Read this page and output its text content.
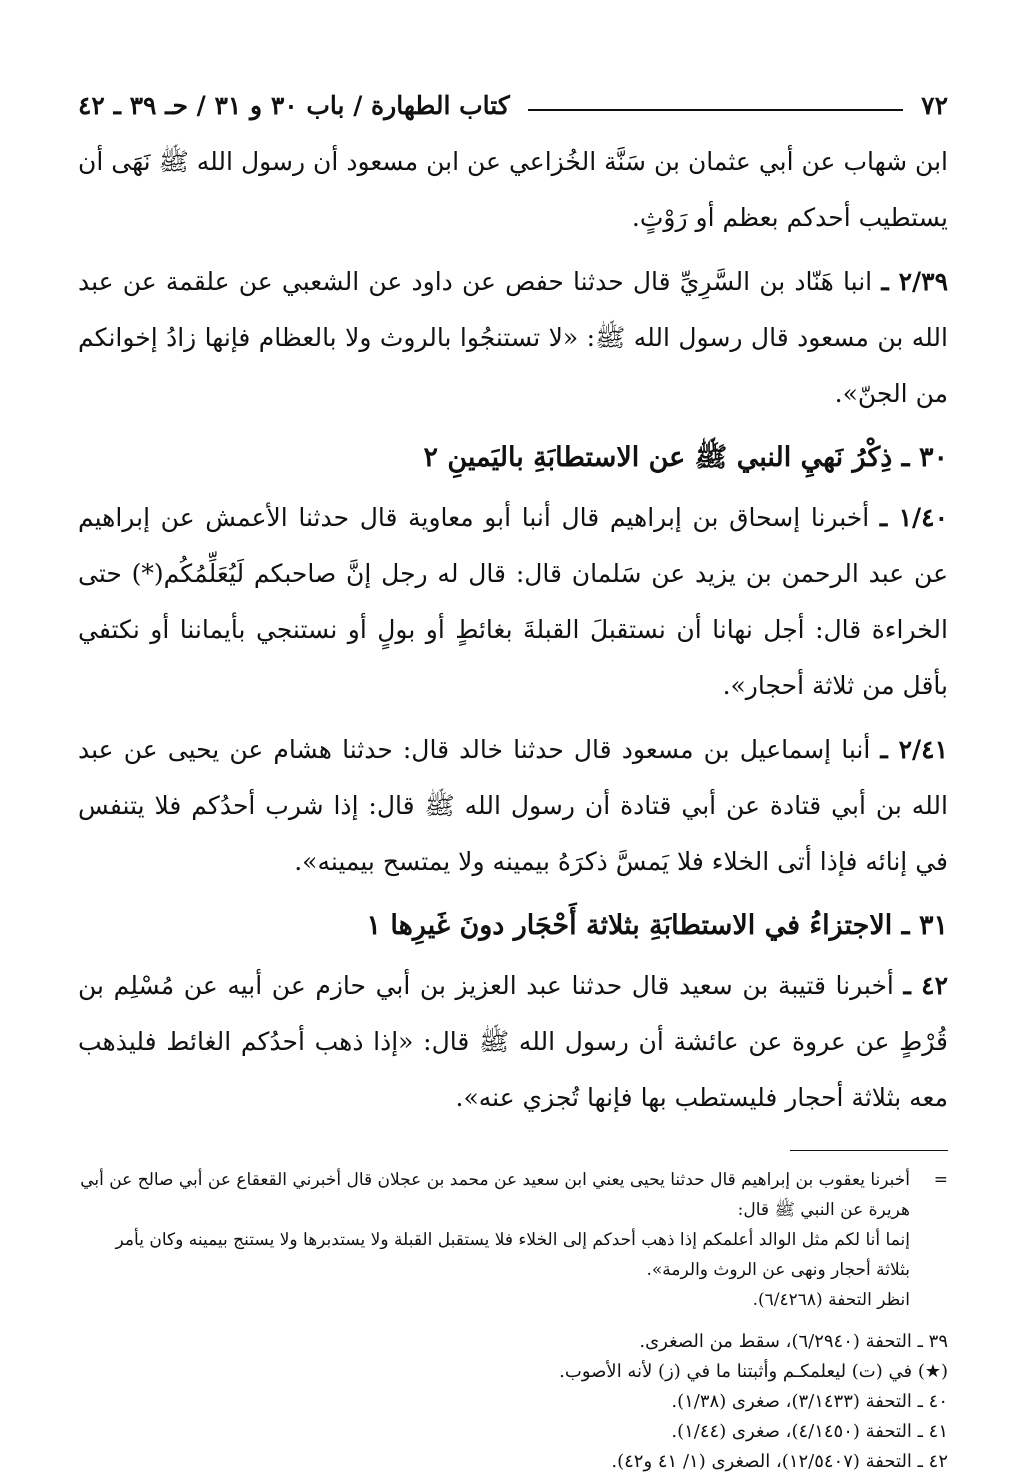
٧٢
كتاب الطهارة / باب ٣٠ و ٣١ / حـ ٣٩ ـ ٤٢

ابن شهاب عن أبي عثمان بن سَنَّة الخُزاعي عن ابن مسعود أن رسول الله ﷺ نَهَى أن يستطيب أحدكم بعظم أو رَوْثٍ.

٢/٣٩ ـ انبا هَنّاد بن السَّرِيِّ قال حدثنا حفص عن داود عن الشعبي عن علقمة عن عبد الله بن مسعود قال رسول الله ﷺ: «لا تستنجُوا بالروث ولا بالعظام فإنها زادُ إخوانكم من الجنّ».

٣٠ ـ ذِكْرُ نَهيِ النبي ﷺ عن الاستطابَةِ باليَمينِ ٢

١/٤٠ ـ أخبرنا إسحاق بن إبراهيم قال أنبا أبو معاوية قال حدثنا الأعمش عن إبراهيم عن عبد الرحمن بن يزيد عن سَلمان قال: قال له رجل إنَّ صاحبكم لَيُعَلِّمُكُم(*) حتى الخراءة قال: أجل نهانا أن نستقبلَ القبلةَ بغائطٍ أو بولٍ أو نستنجي بأيماننا أو نكتفي بأقل من ثلاثة أحجار».

٢/٤١ ـ أنبا إسماعيل بن مسعود قال حدثنا خالد قال: حدثنا هشام عن يحيى عن عبد الله بن أبي قتادة عن أبي قتادة أن رسول الله ﷺ قال: إذا شرب أحدُكم فلا يتنفس في إنائه فإذا أتى الخلاء فلا يَمسَّ ذكرَهُ بيمينه ولا يمتسح بيمينه».

٣١ ـ الاجتزاءُ في الاستطابَةِ بثلاثة أَحْجَار دونَ غَيرِها ١

٤٢ ـ أخبرنا قتيبة بن سعيد قال حدثنا عبد العزيز بن أبي حازم عن أبيه عن مُسْلِم بن قُرْطٍ عن عروة عن عائشة أن رسول الله ﷺ قال: «إذا ذهب أحدُكم الغائط فليذهب معه بثلاثة أحجار فليستطب بها فإنها تُجزي عنه».

=
أخبرنا يعقوب بن إبراهيم قال حدثنا يحيى يعني ابن سعيد عن محمد بن عجلان قال أخبرني القعقاع عن أبي صالح عن أبي هريرة عن النبي ﷺ قال:
إنما أنا لكم مثل الوالد أعلمكم إذا ذهب أحدكم إلى الخلاء فلا يستقبل القبلة ولا يستدبرها ولا يستنج بيمينه وكان يأمر بثلاثة أحجار ونهى عن الروث والرمة».
انظر التحفة (٦/٤٢٦٨).
٣٩ ـ التحفة (٦/٢٩٤٠)، سقط من الصغرى.
(★) في (ت) ليعلمكـم وأثبتنا ما في (ز) لأنه الأصوب.
٤٠ ـ التحفة (٣/١٤٣٣)، صغرى (١/٣٨).
٤١ ـ التحفة (٤/١٤٥٠)، صغرى (١/٤٤).
٤٢ ـ التحفة (١٢/٥٤٠٧)، الصغرى (١/ ٤١ و٤٢).
